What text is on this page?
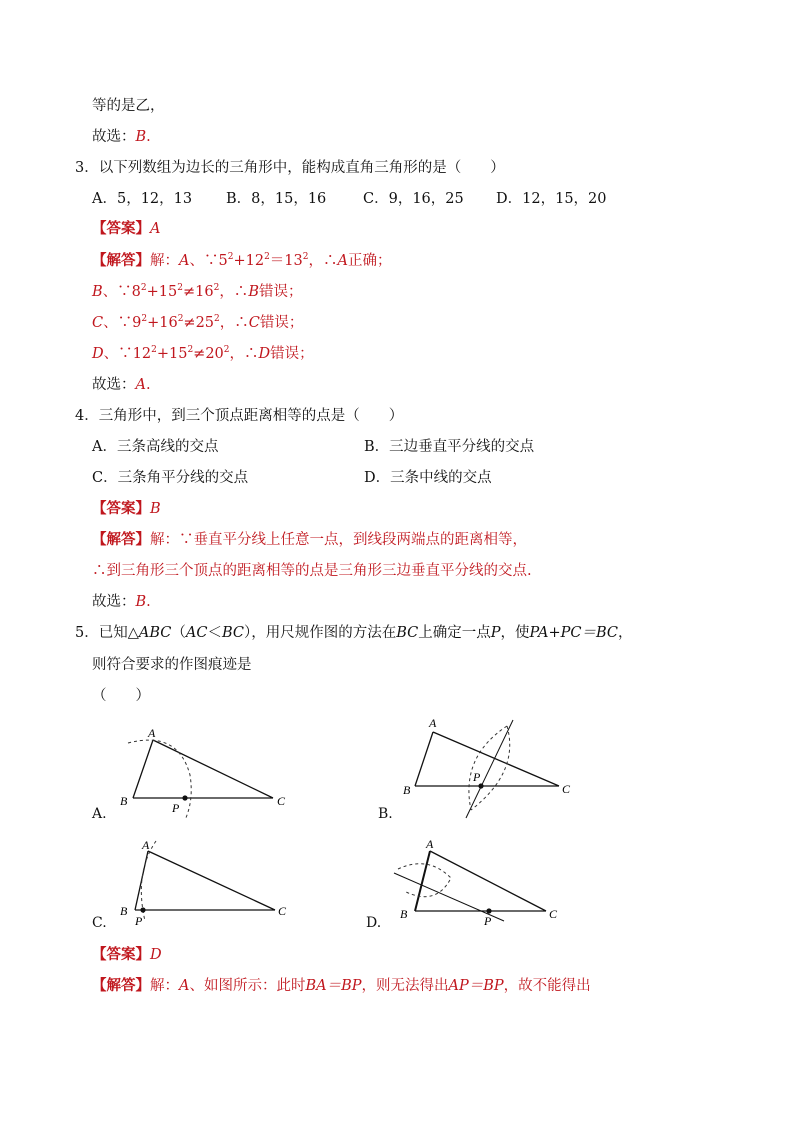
等的是乙，
故选：B.
3．以下列数组为边长的三角形中，能构成直角三角形的是（　　）
A．5，12，13 B．8，15，16	C．9，16，25 D．12，15，20
【答案】A
【解答】解：A、$\because 5^2+12^2=13^2$，∴A正确；
B、$\because 8^2+15^2\ne 16^2$，∴B错误；
C、$\because 9^2+16^2\ne 25^2$，∴C错误；
D、$\because 12^2+15^2\ne 20^2$，∴D错误；
故选：A.
4．三角形中，到三个顶点距离相等的点是（　　）
A．三条高线的交点	B．三边垂直平分线的交点
C．三条角平分线的交点	D．三条中线的交点
【答案】B
【解答】解：∵垂直平分线上任意一点，到线段两端点的距离相等，
∴到三角形三个顶点的距离相等的点是三角形三边垂直平分线的交点.
故选：B.
5．已知△ABC（AC＜BC），用尺规作图的方法在BC上确定一点P，使PA+PC＝BC，
则符合要求的作图痕迹是
（　　）
A
B	C
P
A.
A
B	C
P
B.
A
B	C
P
C.
A
B	C
P
D.
【答案】D
【解答】解：A、如图所示：此时BA＝BP，则无法得出AP＝BP，故不能得出
